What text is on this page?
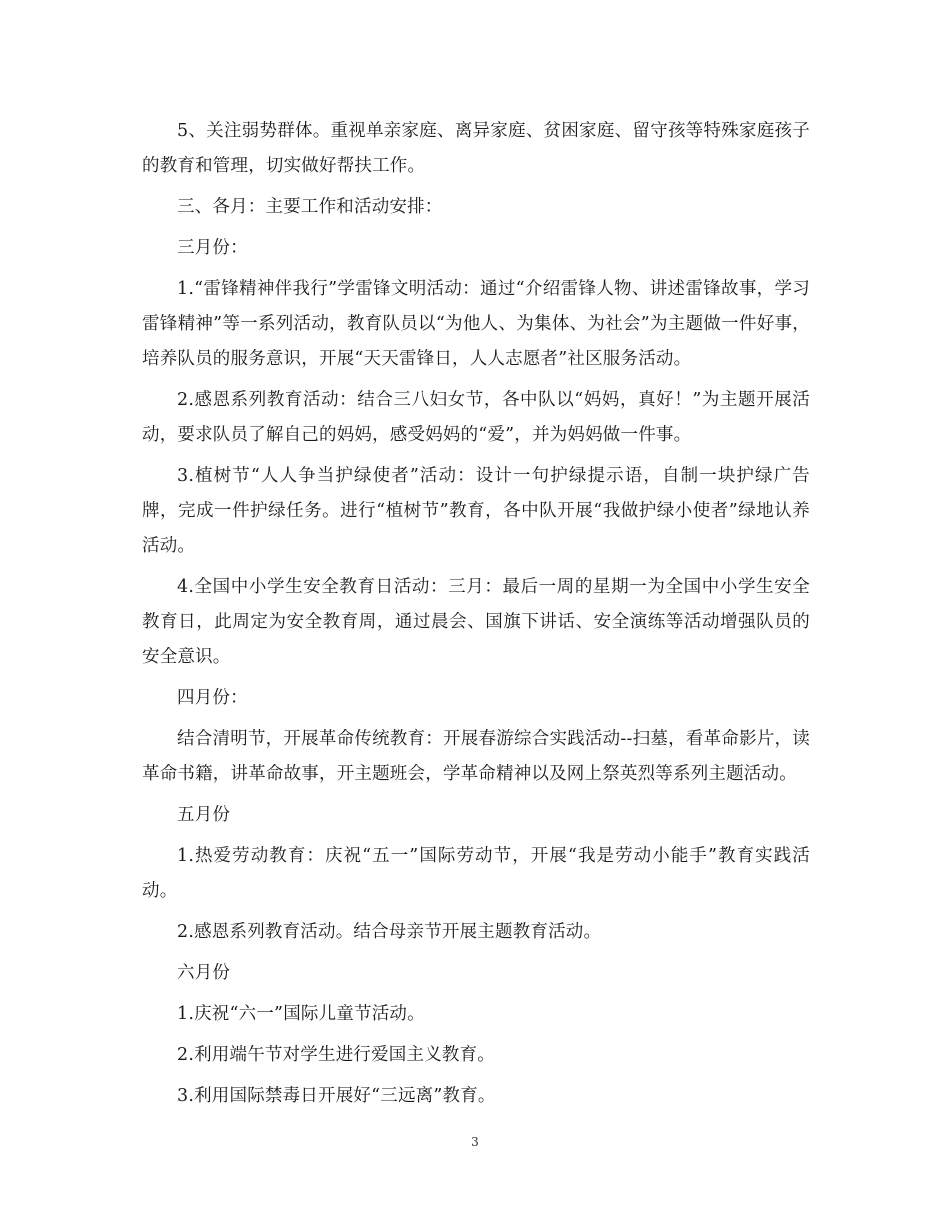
5、关注弱势群体。重视单亲家庭、离异家庭、贫困家庭、留守孩等特殊家庭孩子的教育和管理，切实做好帮扶工作。

三、各月：主要工作和活动安排：

三月份：

1.“雷锋精神伴我行”学雷锋文明活动：通过“介绍雷锋人物、讲述雷锋故事，学习雷锋精神”等一系列活动，教育队员以“为他人、为集体、为社会”为主题做一件好事，培养队员的服务意识，开展“天天雷锋日，人人志愿者”社区服务活动。

2.感恩系列教育活动：结合三八妇女节，各中队以“妈妈，真好！”为主题开展活动，要求队员了解自己的妈妈，感受妈妈的“爱”，并为妈妈做一件事。

3.植树节“人人争当护绿使者”活动：设计一句护绿提示语，自制一块护绿广告牌，完成一件护绿任务。进行“植树节”教育，各中队开展“我做护绿小使者”绿地认养活动。

4.全国中小学生安全教育日活动：三月：最后一周的星期一为全国中小学生安全教育日，此周定为安全教育周，通过晨会、国旗下讲话、安全演练等活动增强队员的安全意识。

四月份：

结合清明节，开展革命传统教育：开展春游综合实践活动--扫墓，看革命影片，读革命书籍，讲革命故事，开主题班会，学革命精神以及网上祭英烈等系列主题活动。

五月份

1.热爱劳动教育：庆祝“五一”国际劳动节，开展“我是劳动小能手”教育实践活动。

2.感恩系列教育活动。结合母亲节开展主题教育活动。

六月份

1.庆祝“六一”国际儿童节活动。

2.利用端午节对学生进行爱国主义教育。

3.利用国际禁毒日开展好“三远离”教育。

3
